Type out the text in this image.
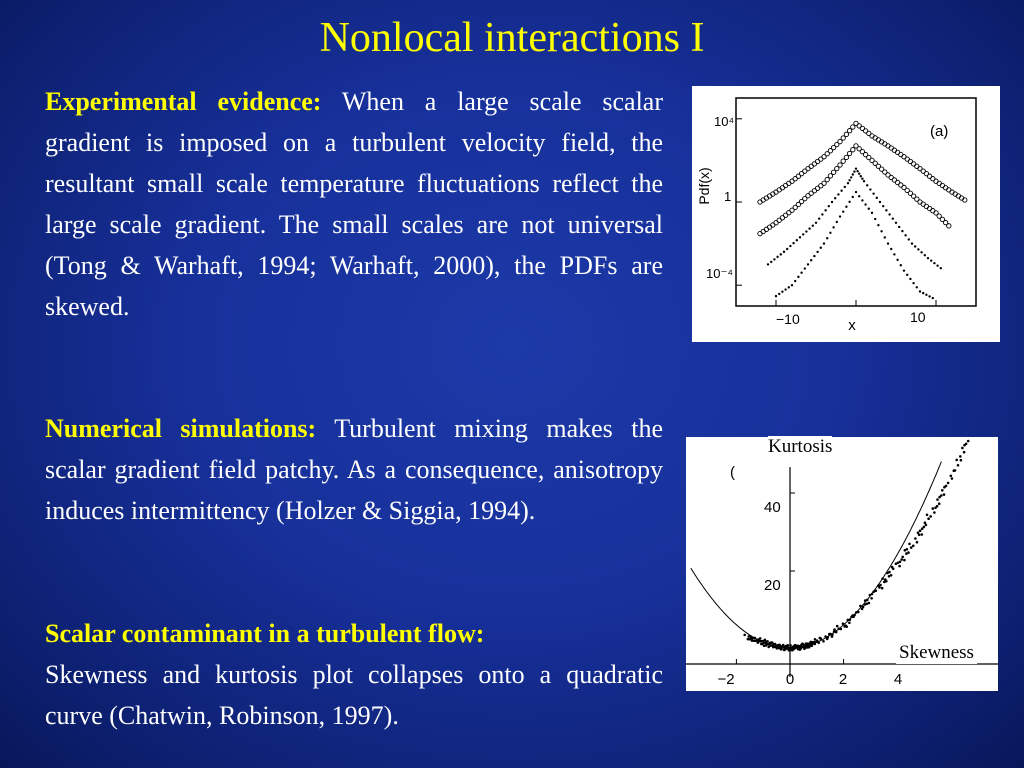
Nonlocal interactions I

Experimental evidence: When a large scale scalar gradient is imposed on a turbulent velocity field, the resultant small scale temperature fluctuations reflect the large scale gradient. The small scales are not universal (Tong & Warhaft, 1994; Warhaft, 2000), the PDFs are skewed.

Numerical simulations: Turbulent mixing makes the scalar gradient field patchy. As a consequence, anisotropy induces intermittency (Holzer & Siggia, 1994).

Scalar contaminant in a turbulent flow:
Skewness and kurtosis plot collapses onto a quadratic curve (Chatwin, Robinson, 1997).

10⁴
1
10⁻⁴
Pdf(x)
−10	10
x
(a)
40
20
−2	0	2	4
(
Kurtosis
Skewness
